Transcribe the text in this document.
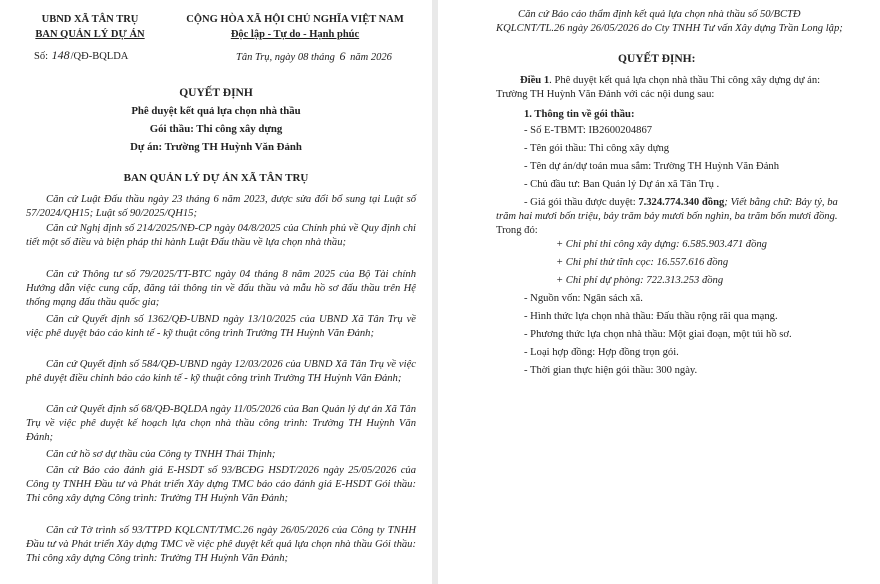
UBND XÃ TÂN TRỤ
BAN QUẢN LÝ DỰ ÁN
Số: 148/QĐ-BQLDA
CỘNG HÒA XÃ HỘI CHỦ NGHĨA VIỆT NAM
Độc lập - Tự do - Hạnh phúc
Tân Trụ, ngày 08 tháng 6 năm 2026
QUYẾT ĐỊNH
Phê duyệt kết quả lựa chọn nhà thầu
Gói thầu: Thi công xây dựng
Dự án: Trường TH Huỳnh Văn Đảnh
BAN QUẢN LÝ DỰ ÁN XÃ TÂN TRỤ
Căn cứ Luật Đấu thầu ngày 23 tháng 6 năm 2023, được sửa đổi bổ sung tại Luật số 57/2024/QH15; Luật số 90/2025/QH15;
Căn cứ Nghị định số 214/2025/NĐ-CP ngày 04/8/2025 của Chính phủ về Quy định chi tiết một số điều và biện pháp thi hành Luật Đấu thầu về lựa chọn nhà thầu;
Căn cứ Thông tư số 79/2025/TT-BTC ngày 04 tháng 8 năm 2025 của Bộ Tài chính Hướng dẫn việc cung cấp, đăng tải thông tin về đấu thầu và mẫu hồ sơ đấu thầu trên Hệ thống mạng đấu thầu quốc gia;
Căn cứ Quyết định số 1362/QĐ-UBND ngày 13/10/2025 của UBND Xã Tân Trụ về việc phê duyệt báo cáo kinh tế - kỹ thuật công trình Trường TH Huỳnh Văn Đảnh;
Căn cứ Quyết định số 584/QĐ-UBND ngày 12/03/2026 của UBND Xã Tân Trụ về việc phê duyệt điều chỉnh báo cáo kinh tế - kỹ thuật công trình Trường TH Huỳnh Văn Đảnh;
Căn cứ Quyết định số 68/QĐ-BQLDA ngày 11/05/2026 của Ban Quản lý dự án Xã Tân Trụ về việc phê duyệt kế hoạch lựa chọn nhà thầu công trình: Trường TH Huỳnh Văn Đảnh;
Căn cứ hồ sơ dự thầu của Công ty TNHH Thái Thịnh;
Căn cứ Báo cáo đánh giá E-HSDT số 93/BCĐG HSDT/2026 ngày 25/05/2026 của Công ty TNHH Đầu tư và Phát triển Xây dựng TMC báo cáo đánh giá E-HSDT Gói thầu: Thi công xây dựng Công trình: Trường TH Huỳnh Văn Đảnh;
Căn cứ Tờ trình số 93/TTPD KQLCNT/TMC.26 ngày 26/05/2026 của Công ty TNHH Đầu tư và Phát triển Xây dựng TMC về việc phê duyệt kết quả lựa chọn nhà thầu Gói thầu: Thi công xây dựng Công trình: Trường TH Huỳnh Văn Đảnh;
Căn cứ Báo cáo thẩm định kết quả lựa chọn nhà thầu số 50/BCTĐ
KQLCNT/TL.26 ngày 26/05/2026 do Cty TNHH Tư vấn Xây dựng Trần Long lập;
QUYẾT ĐỊNH:
Điều 1. Phê duyệt kết quả lựa chọn nhà thầu Thi công xây dựng dự án:
Trường TH Huỳnh Văn Đảnh với các nội dung sau:
1. Thông tin về gói thầu:
- Số E-TBMT: IB2600204867
- Tên gói thầu: Thi công xây dựng
- Tên dự án/dự toán mua sắm: Trường TH Huỳnh Văn Đảnh
- Chủ đầu tư: Ban Quản lý Dự án xã Tân Trụ .
- Giá gói thầu được duyệt: 7.324.774.340 đồng; Viết bằng chữ: Bảy tỷ, ba
trăm hai mươi bốn triệu, bảy trăm bảy mươi bốn nghìn, ba trăm bốn mươi đồng.
Trong đó:
+ Chi phí thi công xây dựng: 6.585.903.471 đồng
+ Chi phí thử tĩnh cọc: 16.557.616 đồng
+ Chi phí dự phòng: 722.313.253 đồng
- Nguồn vốn: Ngân sách xã.
- Hình thức lựa chọn nhà thầu: Đấu thầu rộng rãi qua mạng.
- Phương thức lựa chọn nhà thầu: Một giai đoạn, một túi hồ sơ.
- Loại hợp đồng: Hợp đồng trọn gói.
- Thời gian thực hiện gói thầu: 300 ngày.
